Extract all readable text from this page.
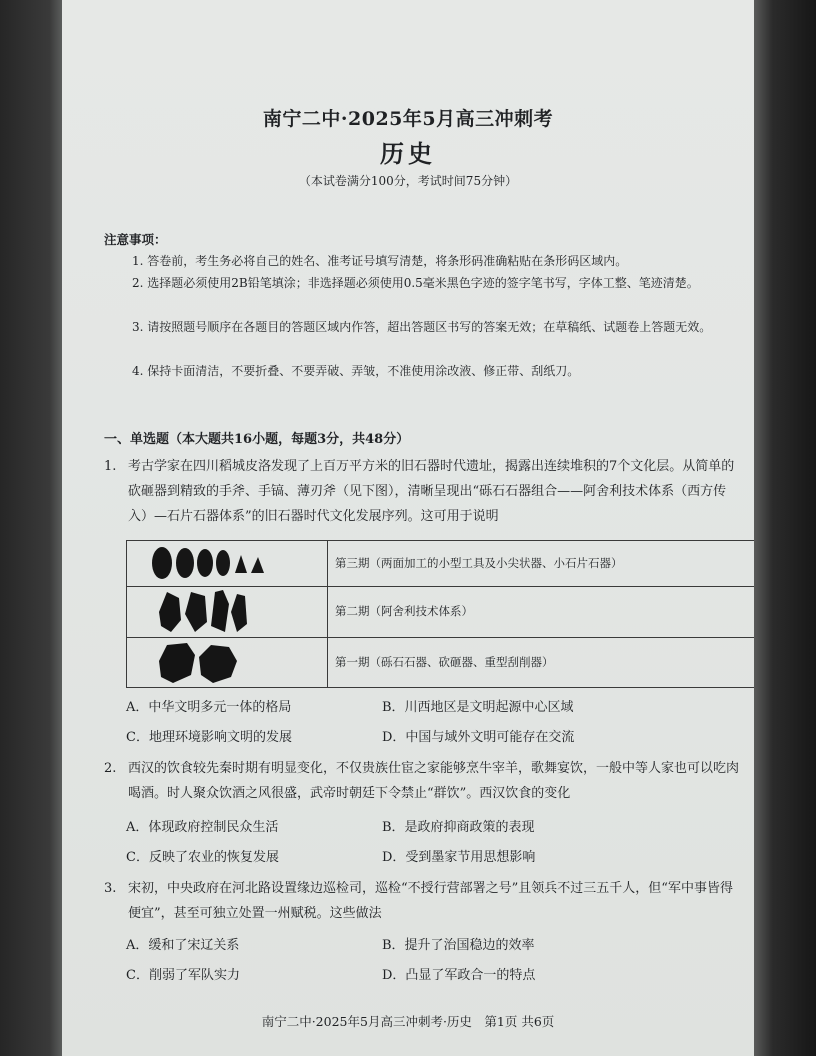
南宁二中·2025年5月高三冲刺考
历史
（本试卷满分100分，考试时间75分钟）
注意事项：
1. 答卷前，考生务必将自己的姓名、准考证号填写清楚，将条形码准确粘贴在条形码区域内。
2. 选择题必须使用2B铅笔填涂；非选择题必须使用0.5毫米黑色字迹的签字笔书写，字体工整、笔迹清楚。
3. 请按照题号顺序在各题目的答题区域内作答，超出答题区书写的答案无效；在草稿纸、试题卷上答题无效。
4. 保持卡面清洁，不要折叠、不要弄破、弄皱，不准使用涂改液、修正带、刮纸刀。
一、单选题（本大题共16小题，每题3分，共48分）
1. 考古学家在四川稻城皮洛发现了上百万平方米的旧石器时代遗址，揭露出连续堆积的7个文化层。从简单的砍砸器到精致的手斧、手镐、薄刃斧（见下图），清晰呈现出“砾石石器组合——阿舍利技术体系（西方传入）—石片石器体系”的旧石器时代文化发展序列。这可用于说明
第三期（两面加工的小型工具及小尖状器、小石片石器）
第二期（阿舍利技术体系）
第一期（砾石石器、砍砸器、重型刮削器）
A．中华文明多元一体的格局	B．川西地区是文明起源中心区域
C．地理环境影响文明的发展	D．中国与域外文明可能存在交流
2. 西汉的饮食较先秦时期有明显变化，不仅贵族仕宦之家能够烹牛宰羊，歌舞宴饮，一般中等人家也可以吃肉喝酒。时人聚众饮酒之风很盛，武帝时朝廷下令禁止“群饮”。西汉饮食的变化
A．体现政府控制民众生活	B．是政府抑商政策的表现
C．反映了农业的恢复发展	D．受到墨家节用思想影响
3. 宋初，中央政府在河北路设置缘边巡检司，巡检“不授行营部署之号”且领兵不过三五千人，但“军中事皆得便宜”，甚至可独立处置一州赋税。这些做法
A．缓和了宋辽关系	B．提升了治国稳边的效率
C．削弱了军队实力	D．凸显了军政合一的特点
南宁二中·2025年5月高三冲刺考·历史　第1页 共6页
